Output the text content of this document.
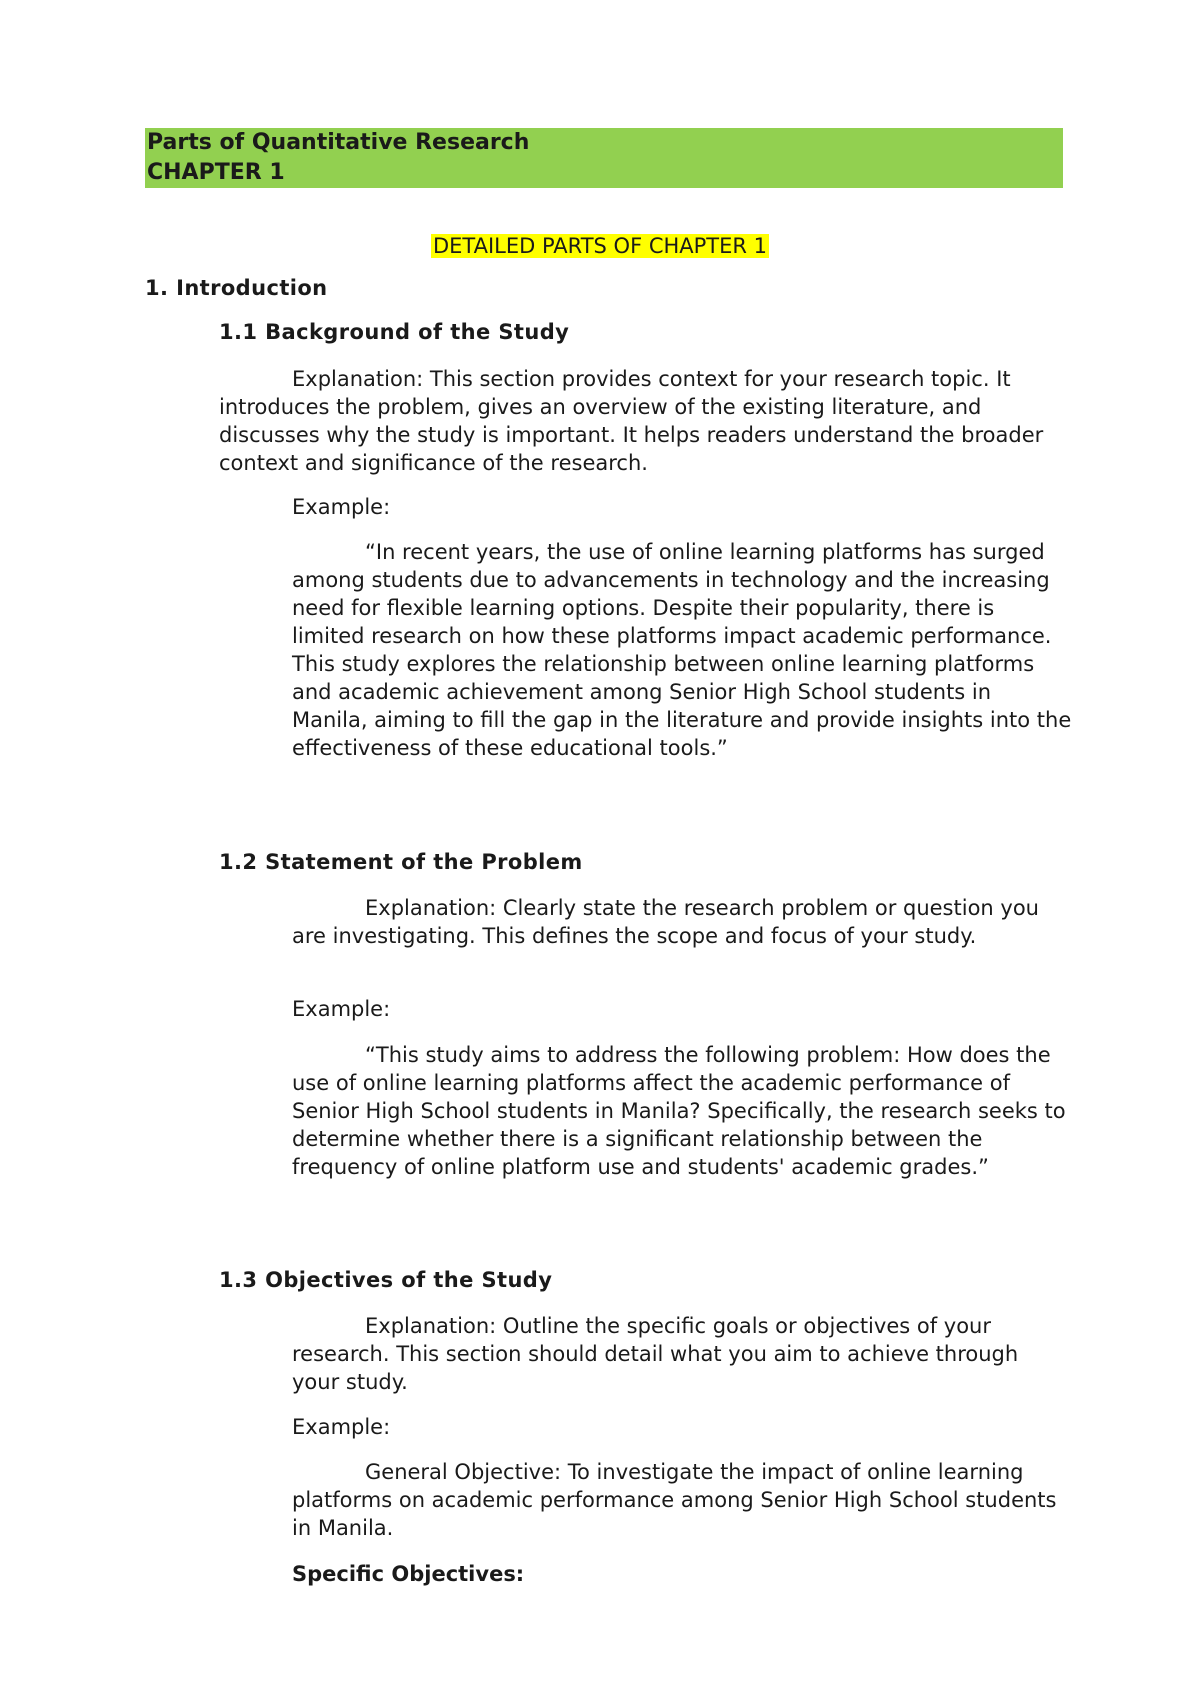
Parts of Quantitative Research
CHAPTER 1
DETAILED PARTS OF CHAPTER 1
1. Introduction
1.1 Background of the Study

Explanation: This section provides context for your research topic. It introduces the problem, gives an overview of the existing literature, and discusses why the study is important. It helps readers understand the broader context and significance of the research.

Example:

“In recent years, the use of online learning platforms has surged among students due to advancements in technology and the increasing need for flexible learning options. Despite their popularity, there is limited research on how these platforms impact academic performance. This study explores the relationship between online learning platforms and academic achievement among Senior High School students in Manila, aiming to fill the gap in the literature and provide insights into the effectiveness of these educational tools.”

1.2 Statement of the Problem

Explanation: Clearly state the research problem or question you are investigating. This defines the scope and focus of your study.

Example:

“This study aims to address the following problem: How does the use of online learning platforms affect the academic performance of Senior High School students in Manila? Specifically, the research seeks to determine whether there is a significant relationship between the frequency of online platform use and students' academic grades.”

1.3 Objectives of the Study

Explanation: Outline the specific goals or objectives of your research. This section should detail what you aim to achieve through your study.

Example:

General Objective: To investigate the impact of online learning platforms on academic performance among Senior High School students in Manila.

Specific Objectives:
